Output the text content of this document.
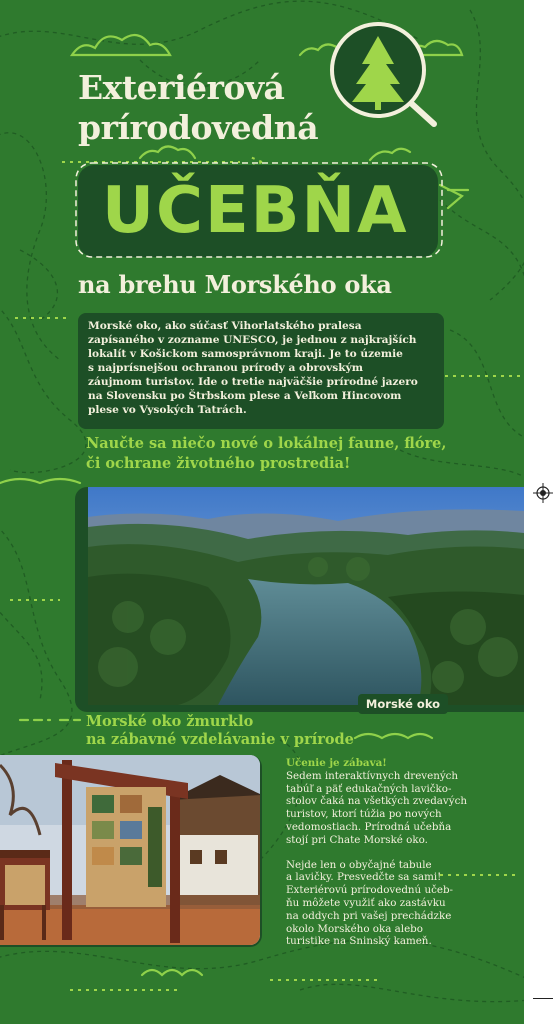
Exteriérová
prírodovedná
UČEBŇA
na brehu Morského oka
Morské oko, ako súčasť Vihorlatského pralesa
zapísaného v zozname UNESCO, je jednou z najkrajších
lokalít v Košickom samosprávnom kraji. Je to územie
s najprísnejšou ochranou prírody a obrovským
záujmom turistov. Ide o tretie najväčšie prírodné jazero
na Slovensku po Štrbskom plese a Veľkom Hincovom
plese vo Vysokých Tatrách.
Naučte sa niečo nové o lokálnej faune, flóre,
či ochrane životného prostredia!
Morské oko
Morské oko žmurklo
na zábavné vzdelávanie v prírode
Učenie je zábava!
Sedem interaktívnych drevených
tabúľ a päť edukačných lavičko-
stolov čaká na všetkých zvedavých
turistov, ktorí túžia po nových
vedomostiach. Prírodná učebňa
stojí pri Chate Morské oko.
Nejde len o obyčajné tabule
a lavičky. Presvedčte sa sami!
Exteriérovú prírodovednú učeb-
ňu môžete využiť ako zastávku
na oddych pri vašej prechádzke
okolo Morského oka alebo
turistike na Sninský kameň.
